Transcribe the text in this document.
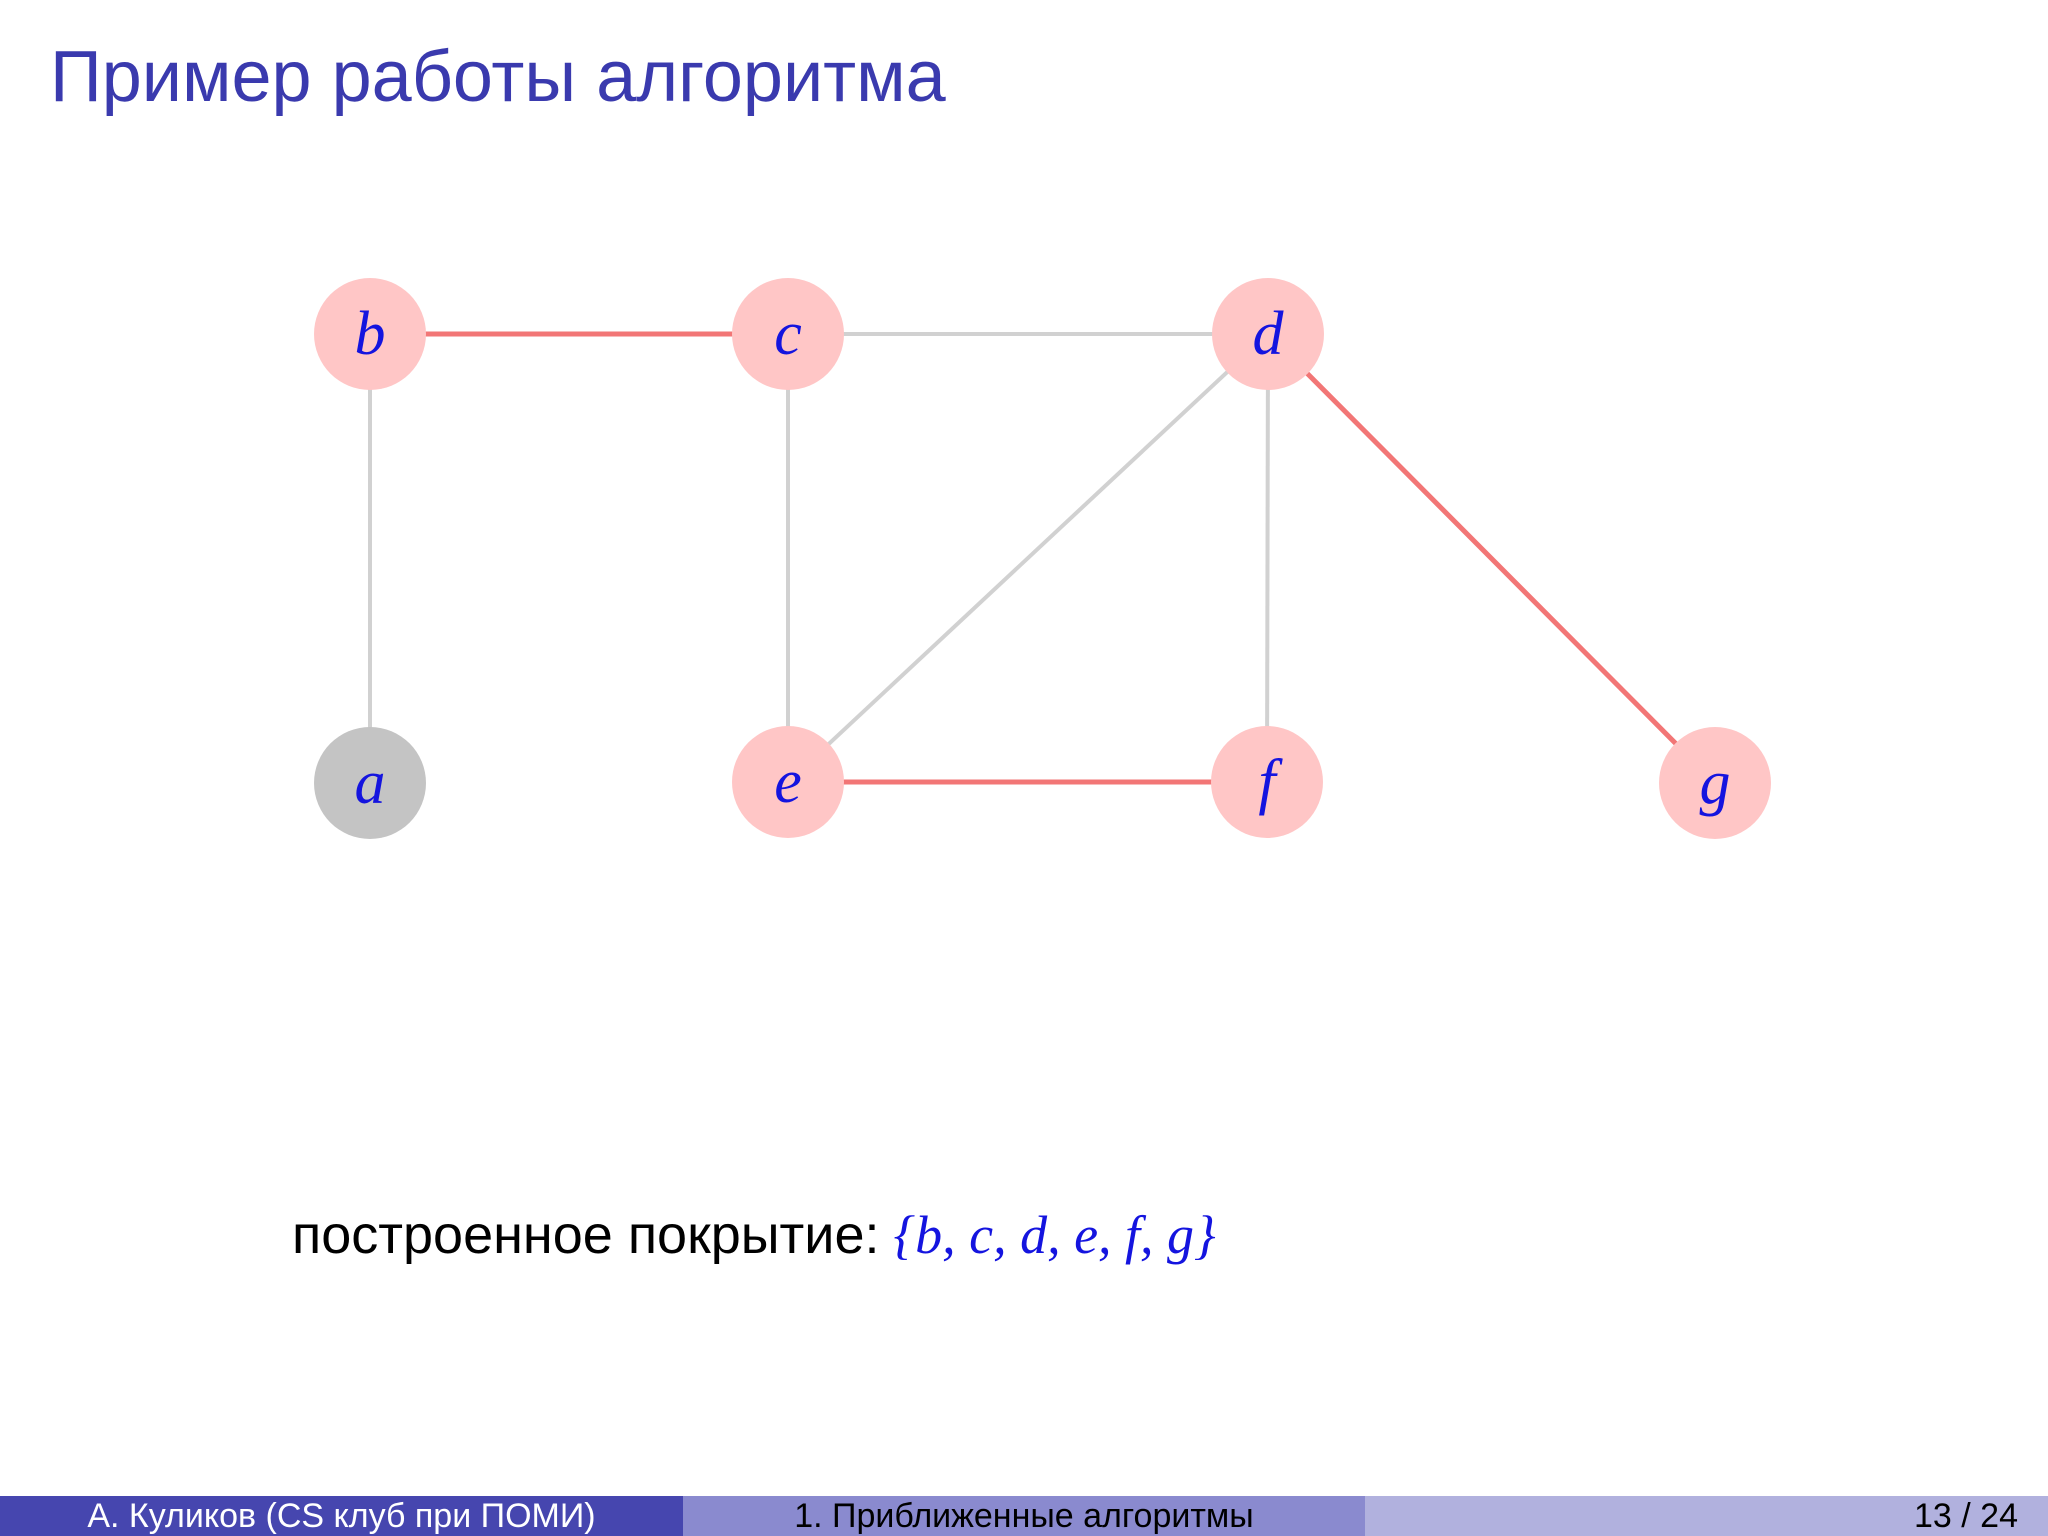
Пример работы алгоритма
b	c	d
a	e	f	g
построенное покрытие: {b, c, d, e, f, g}
А. Куликов (CS клуб при ПОМИ)	1. Приближенные алгоритмы	13 / 24
